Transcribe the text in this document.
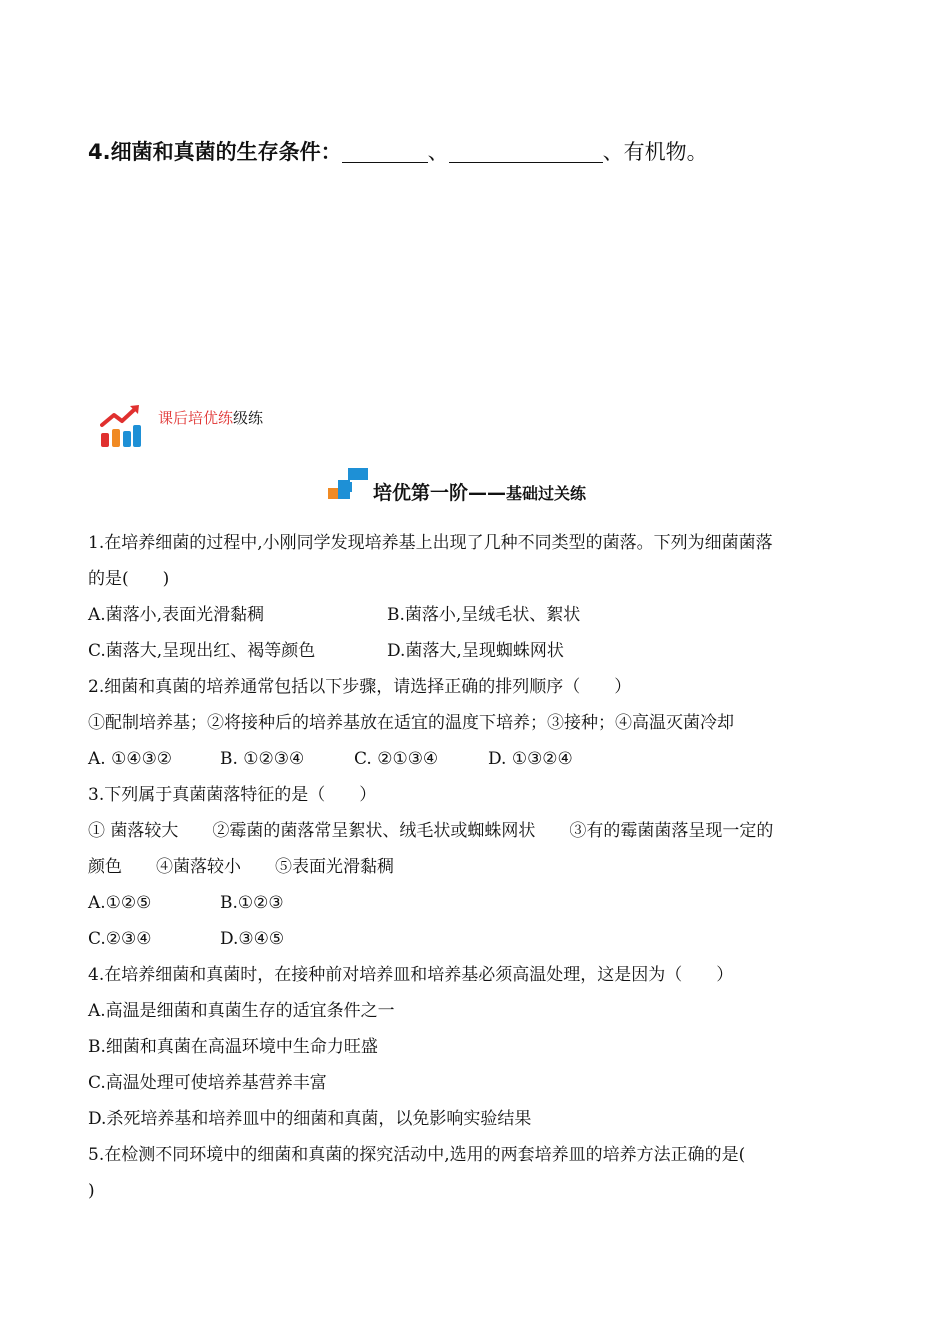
4.细菌和真菌的生存条件：	、	、有机物。
课后培优练级练
培优第一阶——基础过关练
1.在培养细菌的过程中,小刚同学发现培养基上出现了几种不同类型的菌落。下列为细菌菌落
的是(　　)
A.菌落小,表面光滑黏稠	B.菌落小,呈绒毛状、絮状
C.菌落大,呈现出红、褐等颜色	D.菌落大,呈现蜘蛛网状
2.细菌和真菌的培养通常包括以下步骤，请选择正确的排列顺序（　　）
①配制培养基；②将接种后的培养基放在适宜的温度下培养；③接种；④高温灭菌冷却
A. ①④③②	B. ①②③④	C. ②①③④	D. ①③②④
3.下列属于真菌菌落特征的是（　　）
① 菌落较大　　②霉菌的菌落常呈絮状、绒毛状或蜘蛛网状　　③有的霉菌菌落呈现一定的
颜色　　④菌落较小　　⑤表面光滑黏稠
A.①②⑤	B.①②③
C.②③④	D.③④⑤
4.在培养细菌和真菌时，在接种前对培养皿和培养基必须高温处理，这是因为（　　）
A.高温是细菌和真菌生存的适宜条件之一
B.细菌和真菌在高温环境中生命力旺盛
C.高温处理可使培养基营养丰富
D.杀死培养基和培养皿中的细菌和真菌，以免影响实验结果
5.在检测不同环境中的细菌和真菌的探究活动中,选用的两套培养皿的培养方法正确的是(
)
